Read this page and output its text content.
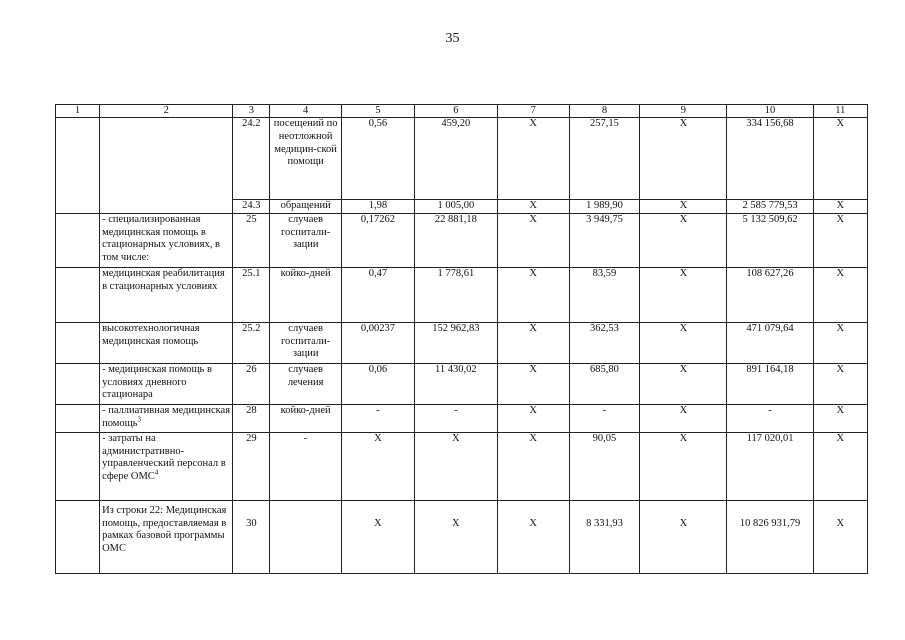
35
1	2	3	4	5	6	7	8	9	10	11
		24.2	посещений по неотложной медицин-ской помощи	0,56	459,20	X	257,15	X	334 156,68	X
		24.3	обращений	1,98	1 005,00	X	1 989,90	X	2 585 779,53	X
	- специализированная медицинская помощь в стационарных условиях, в том числе:	25	случаев госпитали-зации	0,17262	22 881,18	X	3 949,75	X	5 132 509,62	X
	медицинская реабилитация в стационарных условиях	25.1	койко-дней	0,47	1 778,61	X	83,59	X	108 627,26	X
	высокотехнологичная медицинская помощь	25.2	случаев госпитали-зации	0,00237	152 962,83	X	362,53	X	471 079,64	X
	- медицинская помощь в условиях дневного стационара	26	случаев лечения	0,06	11 430,02	X	685,80	X	891 164,18	X
	- паллиативная медицинская помощь$^3$	28	койко-дней	-	-	X	-	X	-	X
	- затраты на административно-управленческий персонал в сфере ОМС$^4$	29	-	X	X	X	90,05	X	117 020,01	X
	Из строки 22: Медицинская помощь, предоставляемая в рамках базовой программы ОМС	30		X	X	X	8 331,93	X	10 826 931,79	X
